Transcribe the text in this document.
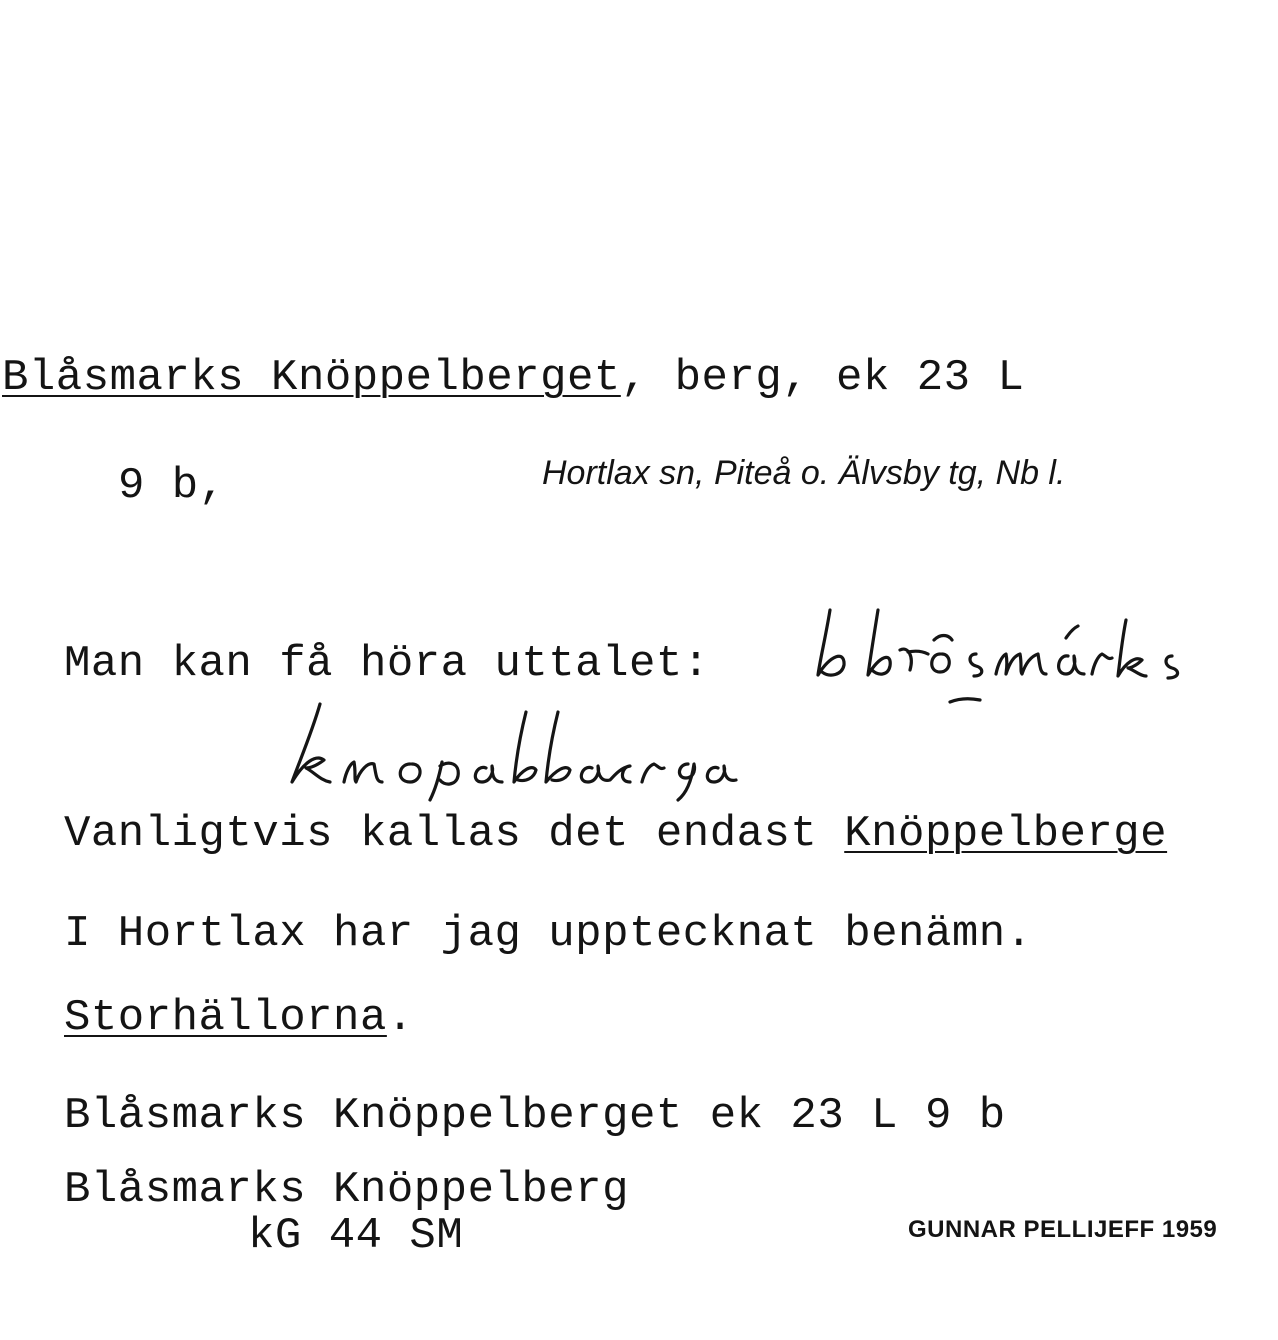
Blåsmarks Knöppelberget, berg, ek 23 L
9 b,	Hortlax sn, Piteå o. Älvsby tg, Nb l.
Man kan få höra uttalet:
Vanligtvis kallas det endast Knöppelberge
I Hortlax har jag upptecknat benämn.
Storhällorna.
Blåsmarks Knöppelberget ek 23 L 9 b
Blåsmarks Knöppelberg
kG 44 SM	GUNNAR PELLIJEFF 1959
